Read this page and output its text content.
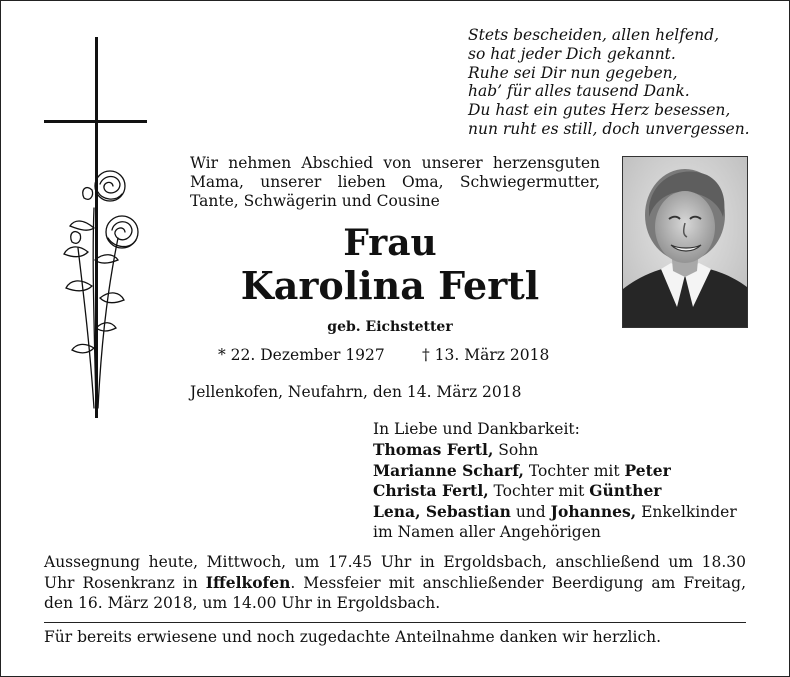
Stets bescheiden, allen helfend,
so hat jeder Dich gekannt.
Ruhe sei Dir nun gegeben,
hab’ für alles tausend Dank.
Du hast ein gutes Herz besessen,
nun ruht es still, doch unvergessen.
Wir nehmen Abschied von unserer herzensguten
Mama, unserer lieben Oma, Schwiegermutter,
Tante, Schwägerin und Cousine
Frau
Karolina Fertl
geb. Eichstetter
* 22. Dezember 1927 † 13. März 2018
Jellenkofen, Neufahrn, den 14. März 2018
In Liebe und Dankbarkeit:
Thomas Fertl, Sohn
Marianne Scharf, Tochter mit Peter
Christa Fertl, Tochter mit Günther
Lena, Sebastian und Johannes, Enkelkinder
im Namen aller Angehörigen
Aussegnung heute, Mittwoch, um 17.45 Uhr in Ergoldsbach, anschließend um 18.30
Uhr Rosenkranz in Iffelkofen. Messfeier mit anschließender Beerdigung am Freitag,
den 16. März 2018, um 14.00 Uhr in Ergoldsbach.
Für bereits erwiesene und noch zugedachte Anteilnahme danken wir herzlich.
